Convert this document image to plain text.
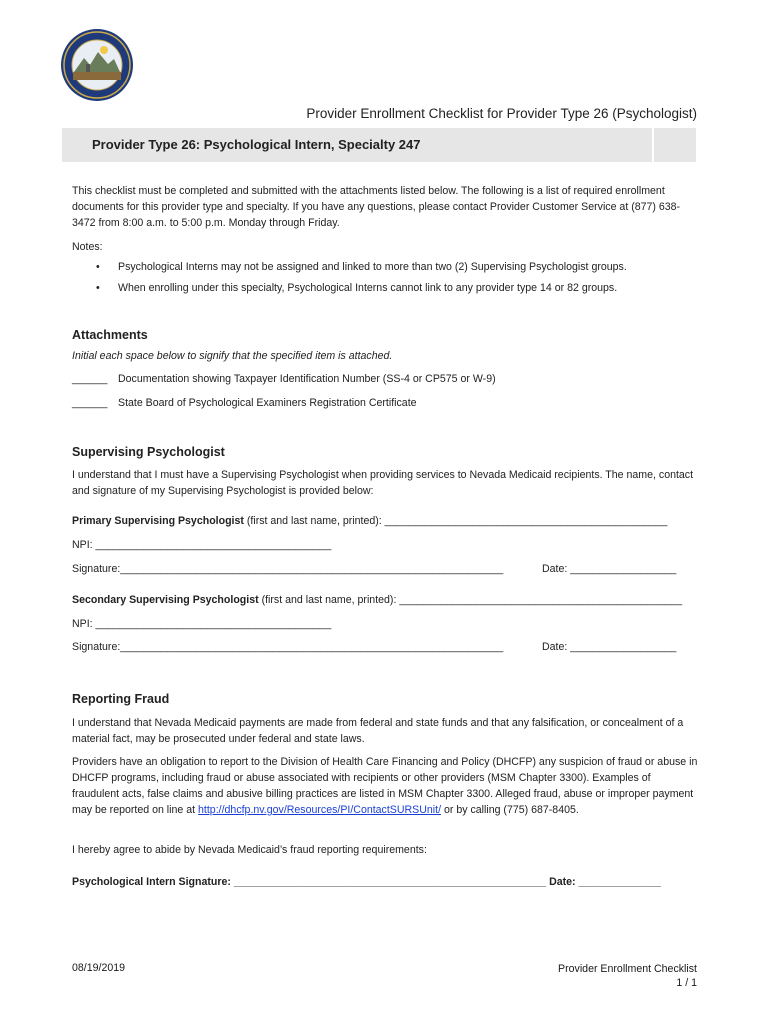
Provider Enrollment Checklist for Provider Type 26 (Psychologist)
Provider Type 26: Psychological Intern, Specialty 247
This checklist must be completed and submitted with the attachments listed below. The following is a list of required enrollment documents for this provider type and specialty. If you have any questions, please contact Provider Customer Service at (877) 638-3472 from 8:00 a.m. to 5:00 p.m. Monday through Friday.
Notes:
•	Psychological Interns may not be assigned and linked to more than two (2) Supervising Psychologist groups.
•	When enrolling under this specialty, Psychological Interns cannot link to any provider type 14 or 82 groups.
Attachments
Initial each space below to signify that the specified item is attached.
______	Documentation showing Taxpayer Identification Number (SS-4 or CP575 or W-9)
______	State Board of Psychological Examiners Registration Certificate
Supervising Psychologist
I understand that I must have a Supervising Psychologist when providing services to Nevada Medicaid recipients. The name, contact and signature of my Supervising Psychologist is provided below:
Primary Supervising Psychologist (first and last name, printed): ________________________________________________
NPI: ________________________________________
Signature:_________________________________________________________________	Date: __________________
Secondary Supervising Psychologist (first and last name, printed): ________________________________________________
NPI: ________________________________________
Signature:_________________________________________________________________	Date: __________________
Reporting Fraud
I understand that Nevada Medicaid payments are made from federal and state funds and that any falsification, or concealment of a material fact, may be prosecuted under federal and state laws.
Providers have an obligation to report to the Division of Health Care Financing and Policy (DHCFP) any suspicion of fraud or abuse in DHCFP programs, including fraud or abuse associated with recipients or other providers (MSM Chapter 3300). Examples of fraudulent acts, false claims and abusive billing practices are listed in MSM Chapter 3300. Alleged fraud, abuse or improper payment may be reported on line at http://dhcfp.nv.gov/Resources/PI/ContactSURSUnit/ or by calling (775) 687-8405.
I hereby agree to abide by Nevada Medicaid’s fraud reporting requirements:
Psychological Intern Signature: _____________________________________________________ Date: ______________
08/19/2019	Provider Enrollment Checklist
1 / 1
